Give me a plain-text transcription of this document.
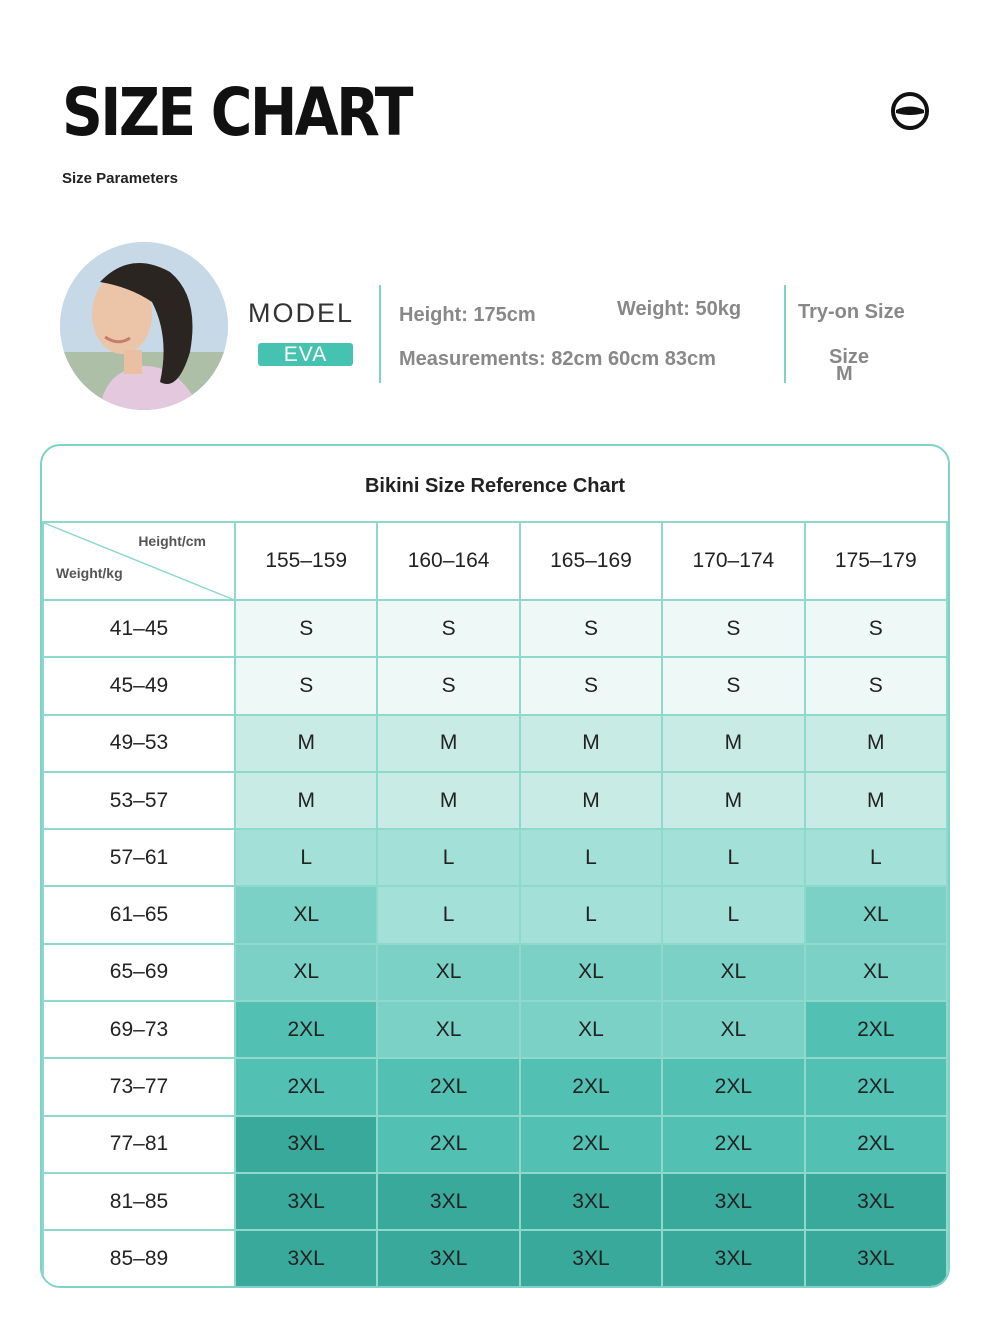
SIZE CHART
Size Parameters
MODEL
EVA
Height: 175cm	Weight: 50kg
Measurements: 82cm 60cm 83cm
Try-on Size
Size
M
Bikini Size Reference Chart
Height/cm
Weight/kg	155–159	160–164	165–169	170–174	175–179
41–45	S	S	S	S	S
45–49	S	S	S	S	S
49–53	M	M	M	M	M
53–57	M	M	M	M	M
57–61	L	L	L	L	L
61–65	XL	L	L	L	XL
65–69	XL	XL	XL	XL	XL
69–73	2XL	XL	XL	XL	2XL
73–77	2XL	2XL	2XL	2XL	2XL
77–81	3XL	2XL	2XL	2XL	2XL
81–85	3XL	3XL	3XL	3XL	3XL
85–89	3XL	3XL	3XL	3XL	3XL
